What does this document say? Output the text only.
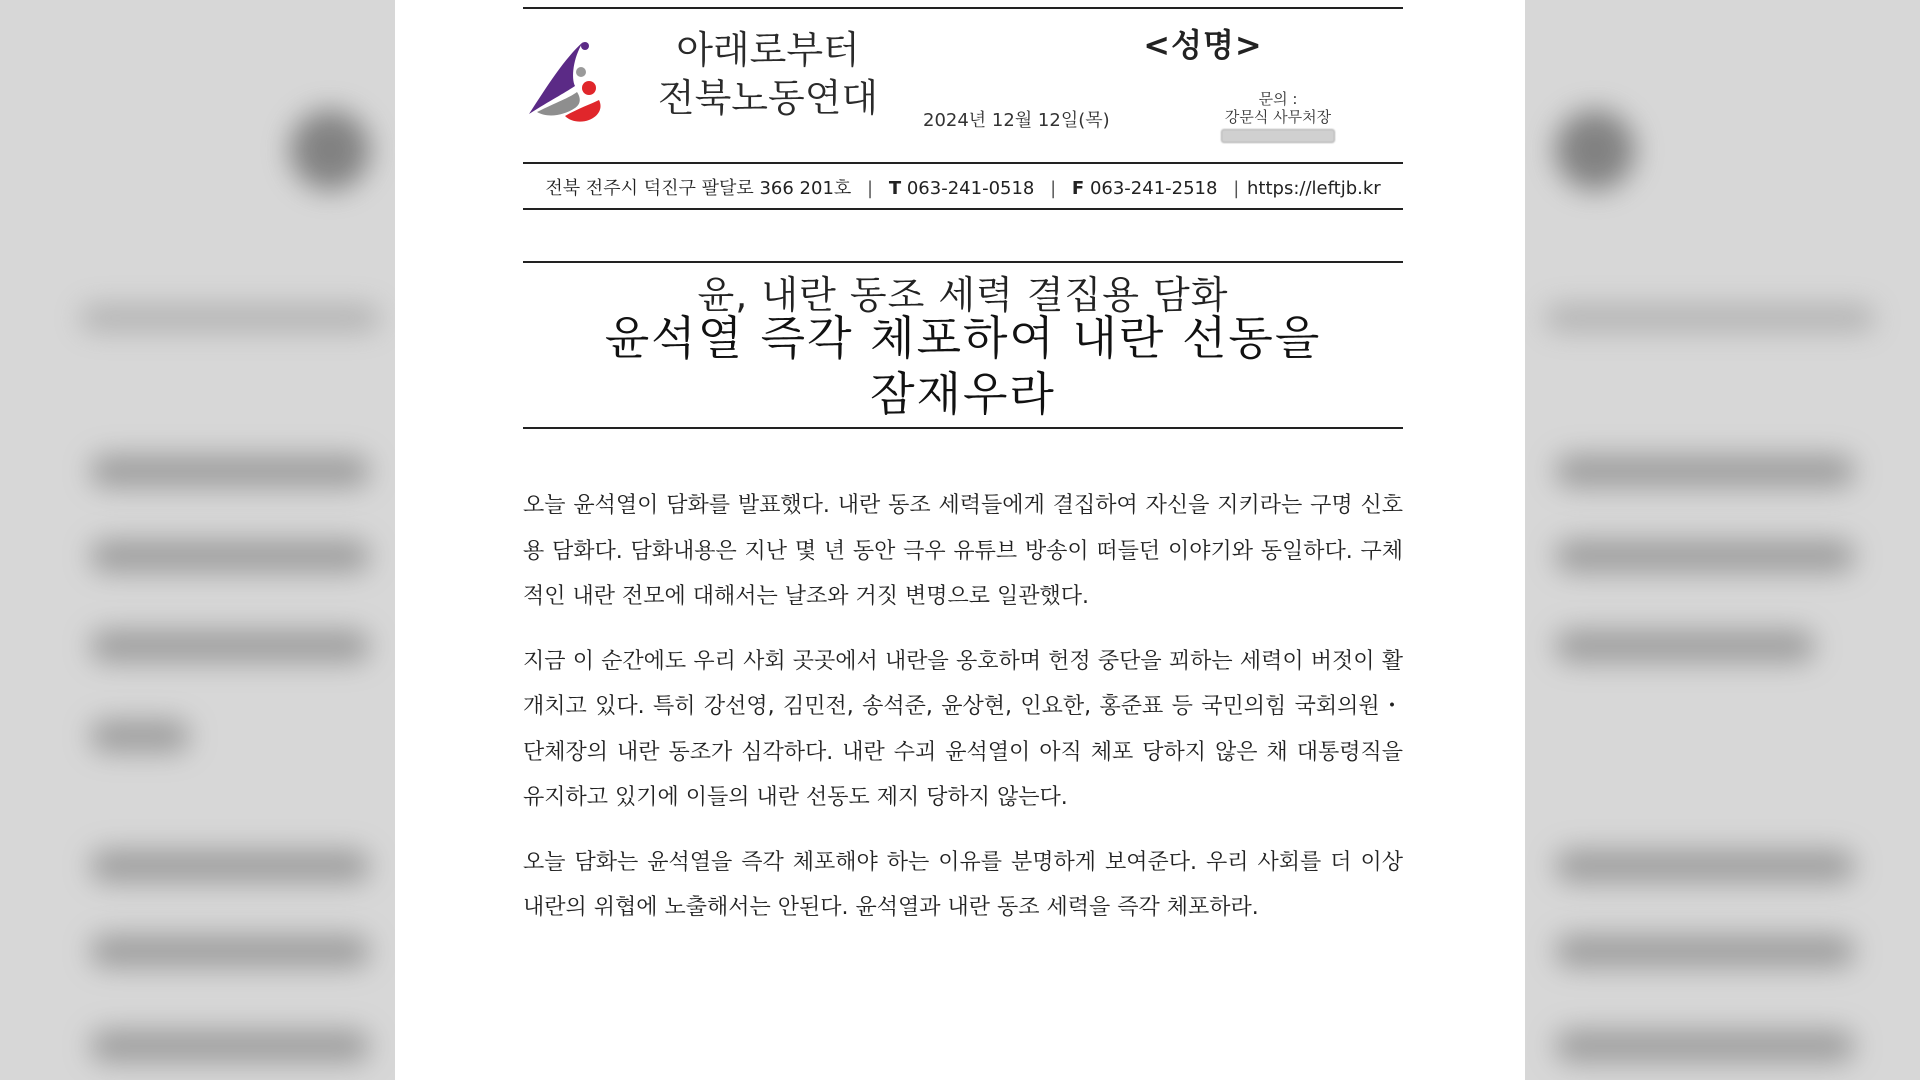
아래로부터
전북노동연대
<성명>
2024년 12월 12일(목)
문의 :
강문식 사무처장
전북 전주시 덕진구 팔달로 366 201호 | T 063-241-0518 | F 063-241-2518 | https://leftjb.kr
윤, 내란 동조 세력 결집용 담화
윤석열 즉각 체포하여 내란 선동을
잠재우라

오늘 윤석열이 담화를 발표했다. 내란 동조 세력들에게 결집하여 자신을 지키라는 구명 신호용 담화다. 담화내용은 지난 몇 년 동안 극우 유튜브 방송이 떠들던 이야기와 동일하다. 구체적인 내란 전모에 대해서는 날조와 거짓 변명으로 일관했다.

지금 이 순간에도 우리 사회 곳곳에서 내란을 옹호하며 헌정 중단을 꾀하는 세력이 버젓이 활개치고 있다. 특히 강선영, 김민전, 송석준, 윤상현, 인요한, 홍준표 등 국민의힘 국회의원・단체장의 내란 동조가 심각하다. 내란 수괴 윤석열이 아직 체포 당하지 않은 채 대통령직을 유지하고 있기에 이들의 내란 선동도 제지 당하지 않는다.

오늘 담화는 윤석열을 즉각 체포해야 하는 이유를 분명하게 보여준다. 우리 사회를 더 이상 내란의 위협에 노출해서는 안된다. 윤석열과 내란 동조 세력을 즉각 체포하라.
